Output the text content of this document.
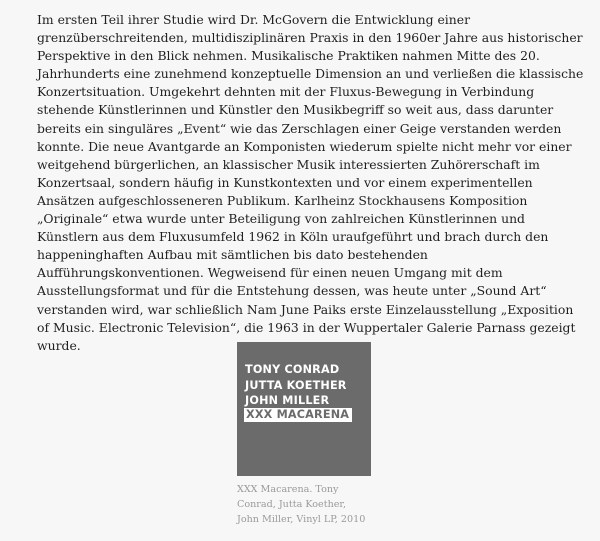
Im ersten Teil ihrer Studie wird Dr. McGovern die Entwicklung einer grenzüberschreitenden, multidisziplinären Praxis in den 1960er Jahre aus historischer Perspektive in den Blick nehmen. Musikalische Praktiken nahmen Mitte des 20. Jahrhunderts eine zunehmend konzeptuelle Dimension an und verließen die klassische Konzertsituation. Umgekehrt dehnten mit der Fluxus-Bewegung in Verbindung stehende Künstlerinnen und Künstler den Musikbegriff so weit aus, dass darunter bereits ein singuläres „Event“ wie das Zerschlagen einer Geige verstanden werden konnte. Die neue Avantgarde an Komponisten wiederum spielte nicht mehr vor einer weitgehend bürgerlichen, an klassischer Musik interessierten Zuhörerschaft im Konzertsaal, sondern häufig in Kunstkontexten und vor einem experimentellen Ansätzen aufgeschlosseneren Publikum. Karlheinz Stockhausens Komposition „Originale“ etwa wurde unter Beteiligung von zahlreichen Künstlerinnen und Künstlern aus dem Fluxusumfeld 1962 in Köln uraufgeführt und brach durch den happeninghaften Aufbau mit sämtlichen bis dato bestehenden Aufführungskonventionen. Wegweisend für einen neuen Umgang mit dem Ausstellungsformat und für die Entstehung dessen, was heute unter „Sound Art“ verstanden wird, war schließlich Nam June Paiks erste Einzelausstellung „Exposition of Music. Electronic Television“, die 1963 in der Wuppertaler Galerie Parnass gezeigt wurde.

TONY CONRAD
JUTTA KOETHER
JOHN MILLER
XXX MACARENA
XXX Macarena. Tony
Conrad, Jutta Koether,
John Miller, Vinyl LP, 2010
